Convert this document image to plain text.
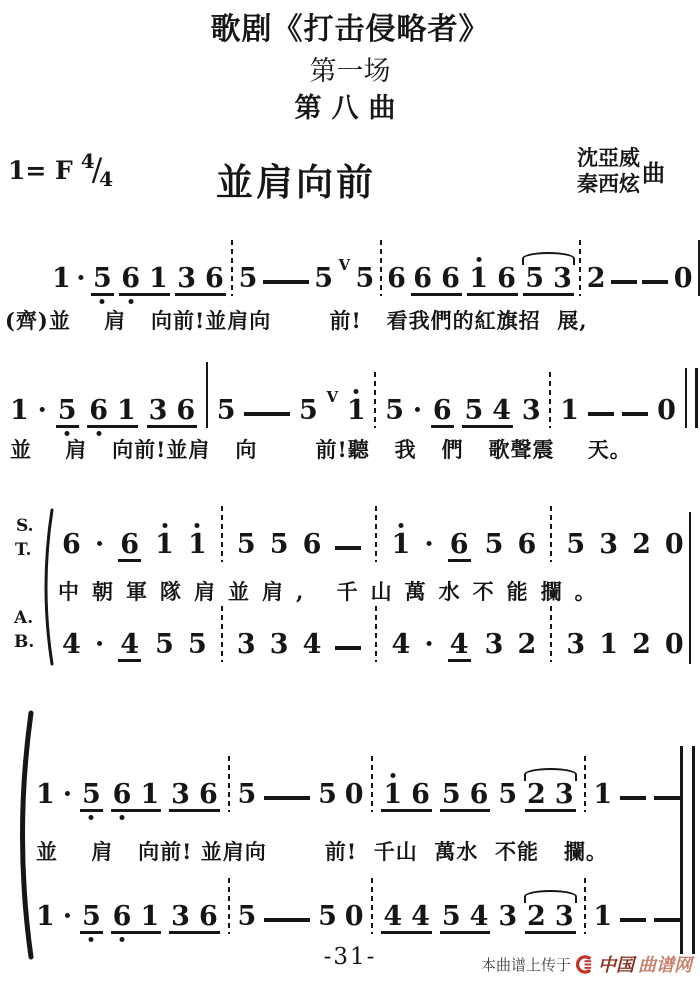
歌剧《打击侵略者》
第一场
第八曲
1= F 4
/
4	並肩向前
沈亞威
秦西炫 曲
1 · 5 6 1 3 6 5 5 V 5 6 6 6 1 6 5 3 2	0
(齊)並    肩   向前!並肩向       前!   看我們的紅旗招  展,
1 · 5 6 1 3 6 5 5 V 1 5 · 6 5 4 3 1	0
並    肩   向前!並肩   向       前!聽   我   們   歌聲震    天。
S.
T.
A.
B.
6 · 6 1 1 5 5 6	1 · 6 5 6 5 3 2 0
中朝軍隊肩並肩, 千山萬水不能攔。
4 · 4 5 5 3 3 4	4 · 4 3 2 3 1 2 0
1 · 5 6 1 3 6 5 5 0 1 6 5 6 5 2 3 1
並    肩   向前! 並肩向       前!  千山  萬水  不能   攔。
1 · 5 6 1 3 6 5 5 0 4 4 5 4 3 2 3 1
-31-	本曲谱上传于 中国 曲谱网
